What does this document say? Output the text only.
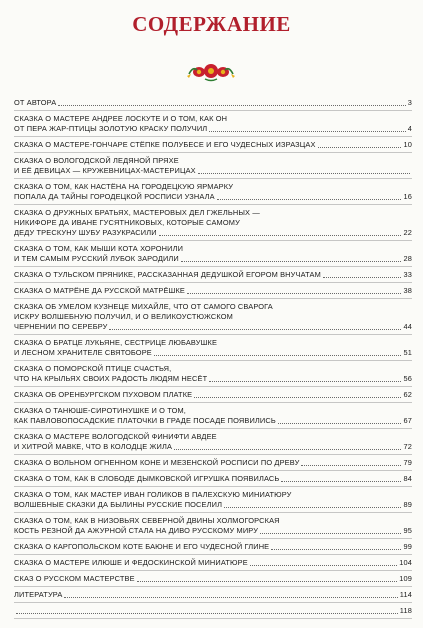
СОДЕРЖАНИЕ
ОТ АВТОРА	3
СКАЗКА О МАСТЕРЕ АНДРЕЕ ЛОСКУТЕ И О ТОМ, КАК ОН
ОТ ПЕРА ЖАР-ПТИЦЫ ЗОЛОТУЮ КРАСКУ ПОЛУЧИЛ	4
СКАЗКА О МАСТЕРЕ-ГОНЧАРЕ СТЁПКЕ ПОЛУБЕСЕ И ЕГО ЧУДЕСНЫХ ИЗРАЗЦАХ	10
СКАЗКА О ВОЛОГОДСКОЙ ЛЕДЯНОЙ ПРЯХЕ
И ЕЁ ДЕВИЦАХ — КРУЖЕВНИЦАХ-МАСТЕРИЦАХ
СКАЗКА О ТОМ, КАК НАСТЁНА НА ГОРОДЕЦКУЮ ЯРМАРКУ
ПОПАЛА ДА ТАЙНЫ ГОРОДЕЦКОЙ РОСПИСИ УЗНАЛА	16
СКАЗКА О ДРУЖНЫХ БРАТЬЯХ, МАСТЕРОВЫХ ДЕЛ ГЖЕЛЬНЫХ —
НИКИФОРЕ ДА ИВАНЕ ГУСЯТНИКОВЫХ, КОТОРЫЕ САМОМУ
ДЕДУ ТРЕСКУНУ ШУБУ РАЗУКРАСИЛИ	22
СКАЗКА О ТОМ, КАК МЫШИ КОТА ХОРОНИЛИ
И ТЕМ САМЫМ РУССКИЙ ЛУБОК ЗАРОДИЛИ	28
СКАЗКА О ТУЛЬСКОМ ПРЯНИКЕ, РАССКАЗАННАЯ ДЕДУШКОЙ ЕГОРОМ ВНУЧАТАМ	33
СКАЗКА О МАТРЁНЕ ДА РУССКОЙ МАТРЁШКЕ	38
СКАЗКА ОБ УМЕЛОМ КУЗНЕЦЕ МИХАЙЛЕ, ЧТО ОТ САМОГО СВАРОГА
ИСКРУ ВОЛШЕБНУЮ ПОЛУЧИЛ, И О ВЕЛИКОУСТЮЖСКОМ
ЧЕРНЕНИИ ПО СЕРЕБРУ	44
СКАЗКА О БРАТЦЕ ЛУКЬЯНЕ, СЕСТРИЦЕ ЛЮБАВУШКЕ
И ЛЕСНОМ ХРАНИТЕЛЕ СВЯТОБОРЕ	51
СКАЗКА О ПОМОРСКОЙ ПТИЦЕ СЧАСТЬЯ,
ЧТО НА КРЫЛЬЯХ СВОИХ РАДОСТЬ ЛЮДЯМ НЕСЁТ	56
СКАЗКА ОБ ОРЕНБУРГСКОМ ПУХОВОМ ПЛАТКЕ	62
СКАЗКА О ТАНЮШЕ-СИРОТИНУШКЕ И О ТОМ,
КАК ПАВЛОВОПОСАДСКИЕ ПЛАТОЧКИ В ГРАДЕ ПОСАДЕ ПОЯВИЛИСЬ	67
СКАЗКА О МАСТЕРЕ ВОЛОГОДСКОЙ ФИНИФТИ АВДЕЕ
И ХИТРОЙ МАВКЕ, ЧТО В КОЛОДЦЕ ЖИЛА	72
СКАЗКА О ВОЛЬНОМ ОГНЕННОМ КОНЕ И МЕЗЕНСКОЙ РОСПИСИ ПО ДРЕВУ	79
СКАЗКА О ТОМ, КАК В СЛОБОДЕ ДЫМКОВСКОЙ ИГРУШКА ПОЯВИЛАСЬ	84
СКАЗКА О ТОМ, КАК МАСТЕР ИВАН ГОЛИКОВ В ПАЛЕХСКУЮ МИНИАТЮРУ
ВОЛШЕБНЫЕ СКАЗКИ ДА БЫЛИНЫ РУССКИЕ ПОСЕЛИЛ	89
СКАЗКА О ТОМ, КАК В НИЗОВЬЯХ СЕВЕРНОЙ ДВИНЫ ХОЛМОГОРСКАЯ
КОСТЬ РЕЗНОЙ ДА АЖУРНОЙ СТАЛА НА ДИВО РУССКОМУ МИРУ	95
СКАЗКА О КАРГОПОЛЬСКОМ КОТЕ БАЮНЕ И ЕГО ЧУДЕСНОЙ ГЛИНЕ	99
СКАЗКА О МАСТЕРЕ ИЛЮШЕ И ФЕДОСКИНСКОЙ МИНИАТЮРЕ	104
СКАЗ О РУССКОМ МАСТЕРСТВЕ	109
ЛИТЕРАТУРА	114
118
